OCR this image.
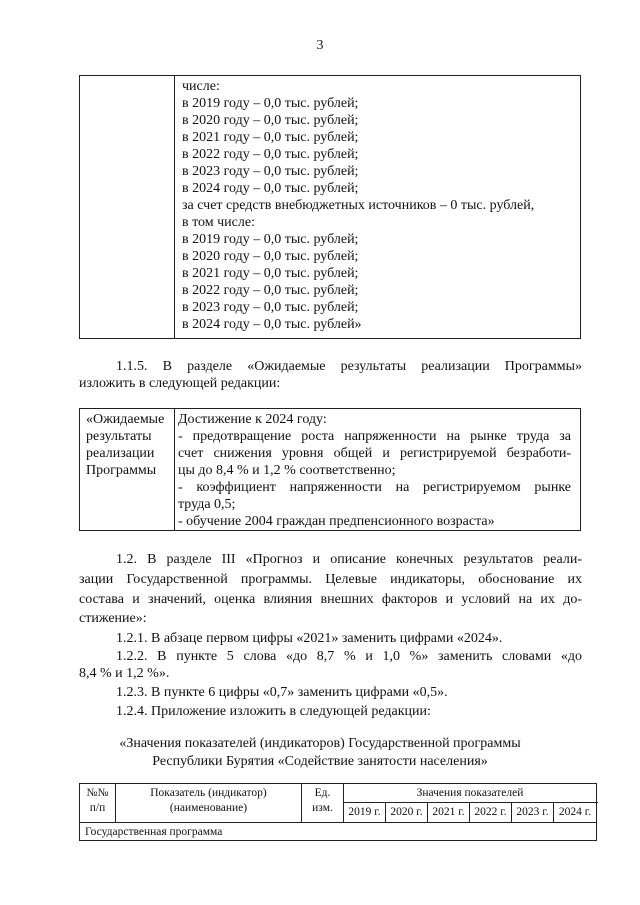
3
числе:
в 2019 году – 0,0 тыс. рублей;
в 2020 году – 0,0 тыс. рублей;
в 2021 году – 0,0 тыс. рублей;
в 2022 году – 0,0 тыс. рублей;
в 2023 году – 0,0 тыс. рублей;
в 2024 году – 0,0 тыс. рублей;
за счет средств внебюджетных источников – 0 тыс. рублей,
в том числе:
в 2019 году – 0,0 тыс. рублей;
в 2020 году – 0,0 тыс. рублей;
в 2021 году – 0,0 тыс. рублей;
в 2022 году – 0,0 тыс. рублей;
в 2023 году – 0,0 тыс. рублей;
в 2024 году – 0,0 тыс. рублей»
1.1.5. В разделе «Ожидаемые результаты реализации Программы»
изложить в следующей редакции:
«Ожидаемые
результаты
реализации
Программы
Достижение к 2024 году:
- предотвращение роста напряженности на рынке труда за
счет снижения уровня общей и регистрируемой безработи-
цы до 8,4 % и 1,2 % соответственно;
- коэффициент напряженности на регистрируемом рынке
труда 0,5;
- обучение 2004 граждан предпенсионного возраста»
1.2. В разделе III «Прогноз и описание конечных результатов реали-
зации Государственной программы. Целевые индикаторы, обоснование их
состава и значений, оценка влияния внешних факторов и условий на их до-
стижение»:
1.2.1. В абзаце первом цифры «2021» заменить цифрами «2024».
1.2.2. В пункте 5 слова «до 8,7 % и 1,0 %» заменить словами «до
8,4 % и 1,2 %».
1.2.3. В пункте 6 цифры «0,7» заменить цифрами «0,5».
1.2.4. Приложение изложить в следующей редакции:
«Значения показателей (индикаторов) Государственной программы
Республики Бурятия «Содействие занятости населения»
№№
п/п
Показатель (индикатор)
(наименование)
Ед.
изм.
Значения показателей
2019 г. 2020 г. 2021 г. 2022 г. 2023 г. 2024 г.
Государственная программа
